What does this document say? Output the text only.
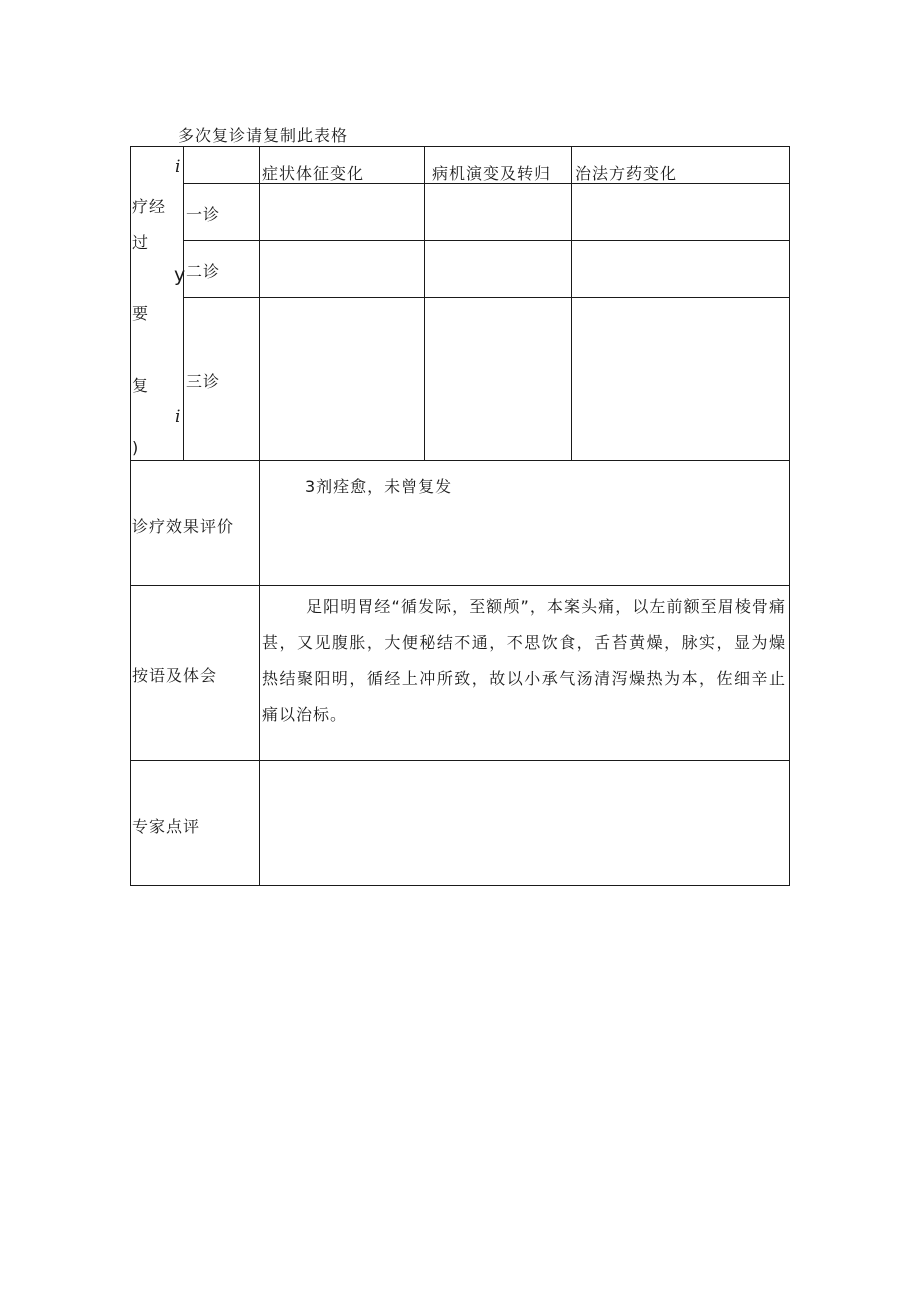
多次复诊请复制此表格
i
疗经
过
y
要
复
i
)
症状体征变化	病机演变及转归 治法方药变化
一诊
二诊
三诊
诊疗效果评价
3剂痊愈，未曾复发
按语及体会
足阳明胃经“循发际，至额颅”，本案头痛，以左前额至眉棱骨痛甚，又见腹胀，大便秘结不通，不思饮食，舌苔黄燥，脉实，显为燥热结聚阳明，循经上冲所致，故以小承气汤清泻燥热为本，佐细辛止痛以治标。
专家点评
